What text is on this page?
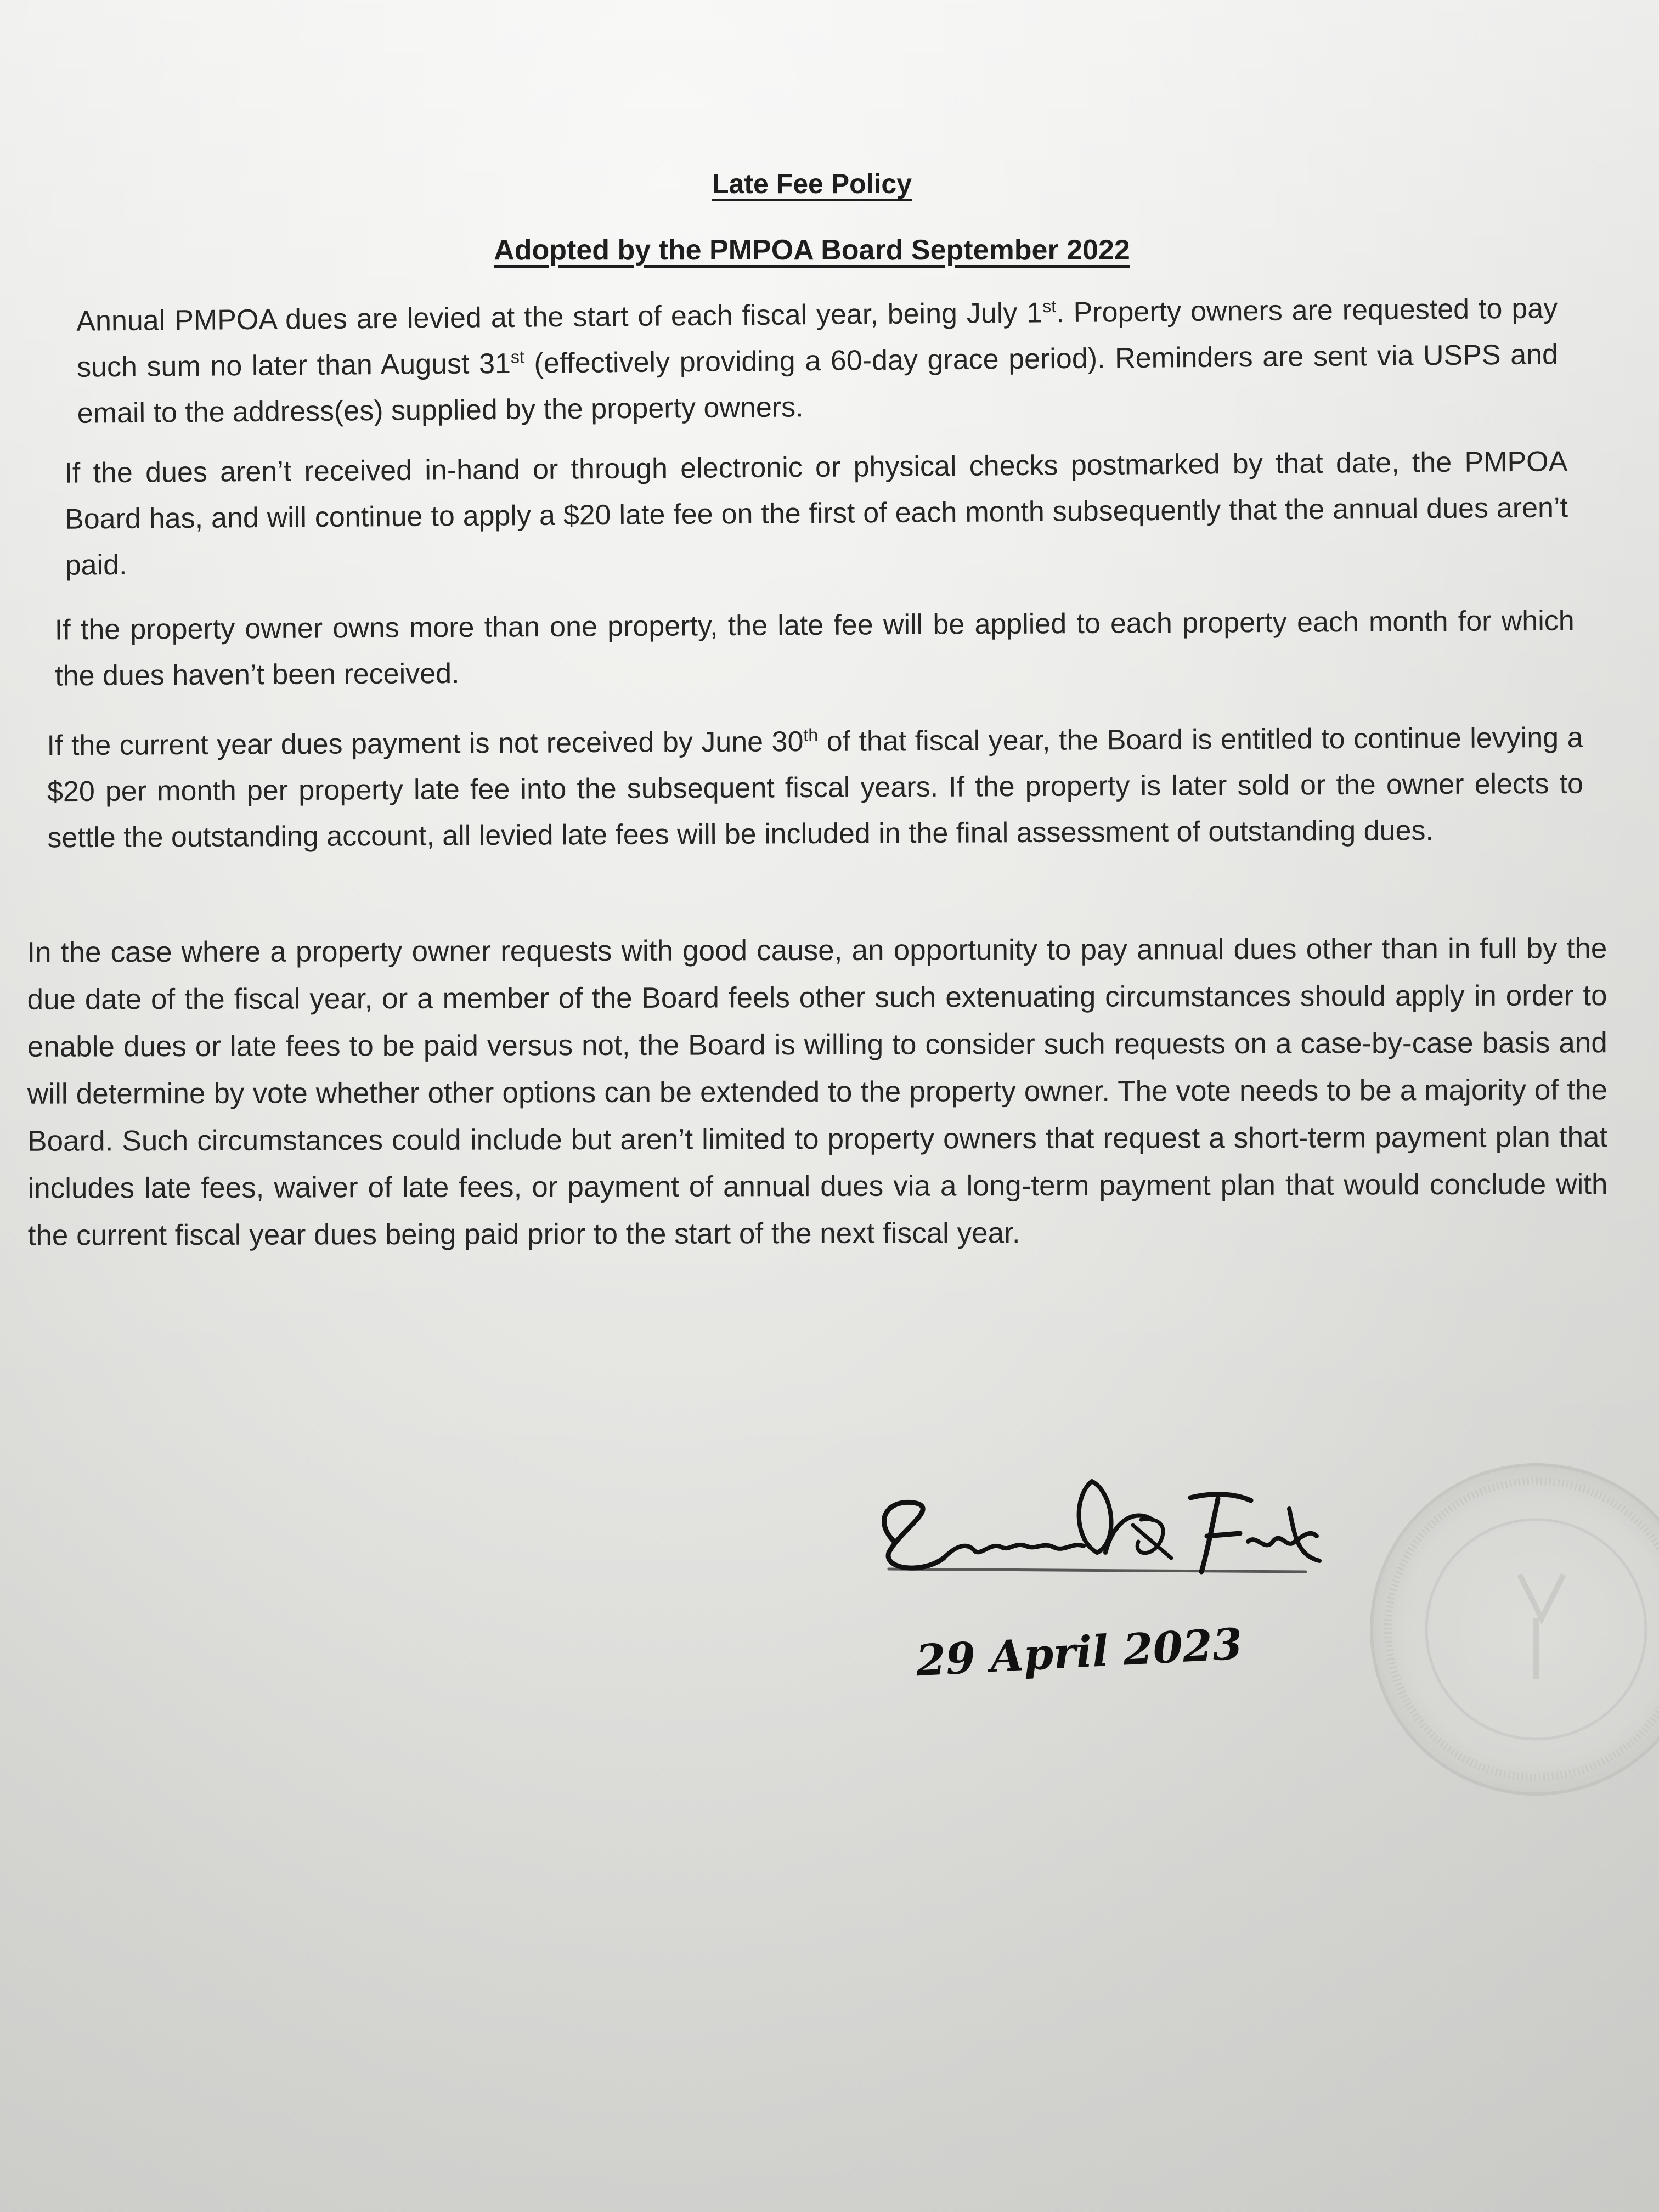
Late Fee Policy
Adopted by the PMPOA Board September 2022

Annual PMPOA dues are levied at the start of each fiscal year, being July 1st. Property owners are requested to pay such sum no later than August 31st (effectively providing a 60-day grace period). Reminders are sent via USPS and email to the address(es) supplied by the property owners.

If the dues aren’t received in-hand or through electronic or physical checks postmarked by that date, the PMPOA Board has, and will continue to apply a $20 late fee on the first of each month subsequently that the annual dues aren’t paid.

If the property owner owns more than one property, the late fee will be applied to each property each month for which the dues haven’t been received.

If the current year dues payment is not received by June 30th of that fiscal year, the Board is entitled to continue levying a $20 per month per property late fee into the subsequent fiscal years. If the property is later sold or the owner elects to settle the outstanding account, all levied late fees will be included in the final assessment of outstanding dues.

In the case where a property owner requests with good cause, an opportunity to pay annual dues other than in full by the due date of the fiscal year, or a member of the Board feels other such extenuating circumstances should apply in order to enable dues or late fees to be paid versus not, the Board is willing to consider such requests on a case-by-case basis and will determine by vote whether other options can be extended to the property owner. The vote needs to be a majority of the Board. Such circumstances could include but aren’t limited to property owners that request a short-term payment plan that includes late fees, waiver of late fees, or payment of annual dues via a long-term payment plan that would conclude with the current fiscal year dues being paid prior to the start of the next fiscal year.

29 April 2023
